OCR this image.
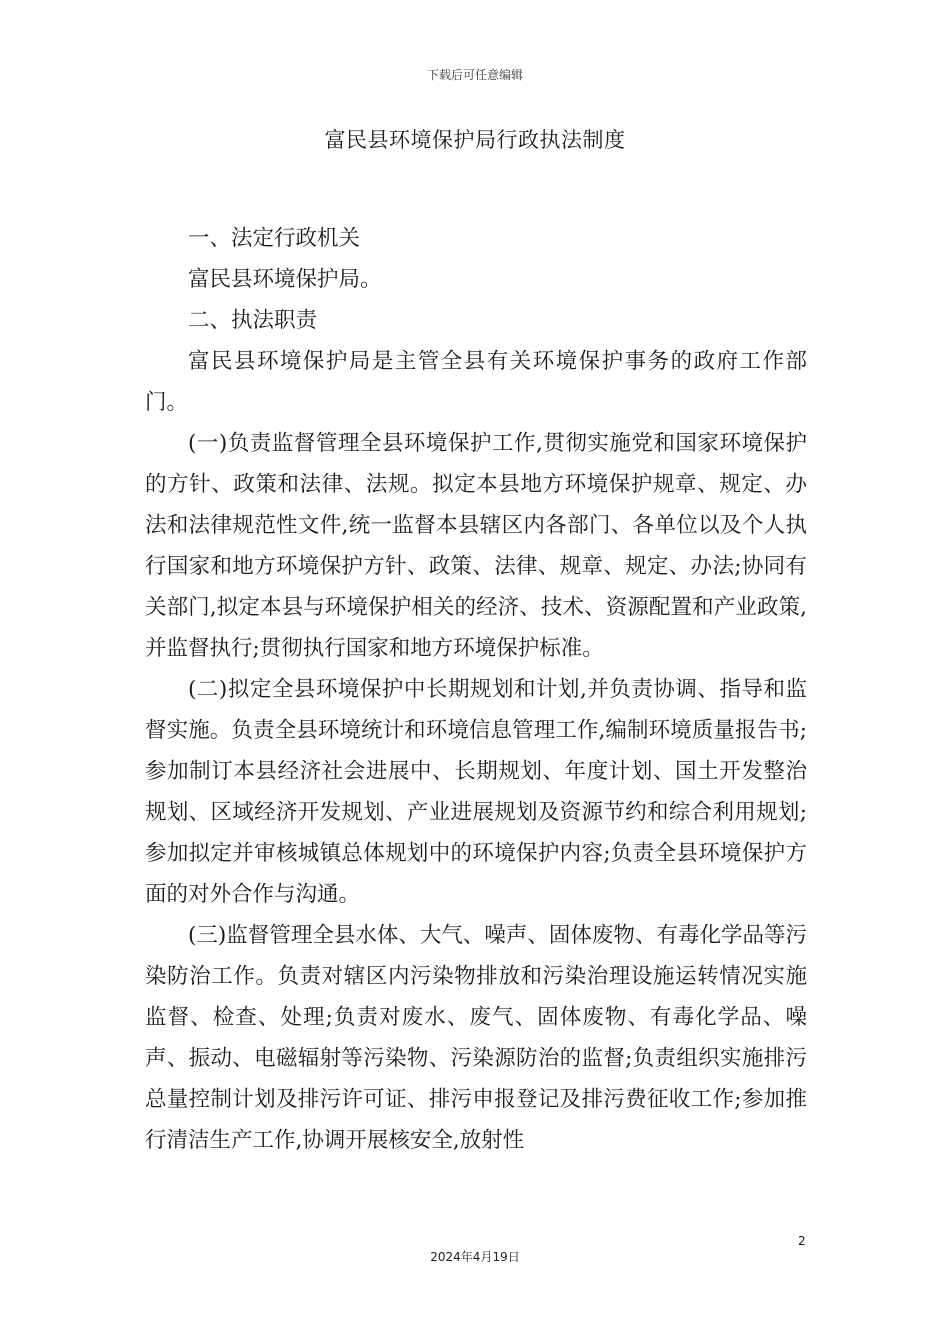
下载后可任意编辑
富民县环境保护局行政执法制度

一、法定行政机关

富民县环境保护局。

二、执法职责

富民县环境保护局是主管全县有关环境保护事务的政府工作部门。

(一)负责监督管理全县环境保护工作,贯彻实施党和国家环境保护的方针、政策和法律、法规。拟定本县地方环境保护规章、规定、办法和法律规范性文件,统一监督本县辖区内各部门、各单位以及个人执行国家和地方环境保护方针、政策、法律、规章、规定、办法;协同有关部门,拟定本县与环境保护相关的经济、技术、资源配置和产业政策,并监督执行;贯彻执行国家和地方环境保护标准。

(二)拟定全县环境保护中长期规划和计划,并负责协调、指导和监督实施。负责全县环境统计和环境信息管理工作,编制环境质量报告书;参加制订本县经济社会进展中、长期规划、年度计划、国土开发整治规划、区域经济开发规划、产业进展规划及资源节约和综合利用规划;参加拟定并审核城镇总体规划中的环境保护内容;负责全县环境保护方面的对外合作与沟通。

(三)监督管理全县水体、大气、噪声、固体废物、有毒化学品等污染防治工作。负责对辖区内污染物排放和污染治理设施运转情况实施监督、检查、处理;负责对废水、废气、固体废物、有毒化学品、噪声、振动、电磁辐射等污染物、污染源防治的监督;负责组织实施排污总量控制计划及排污许可证、排污申报登记及排污费征收工作;参加推行清洁生产工作,协调开展核安全,放射性

2
2024年4月19日
